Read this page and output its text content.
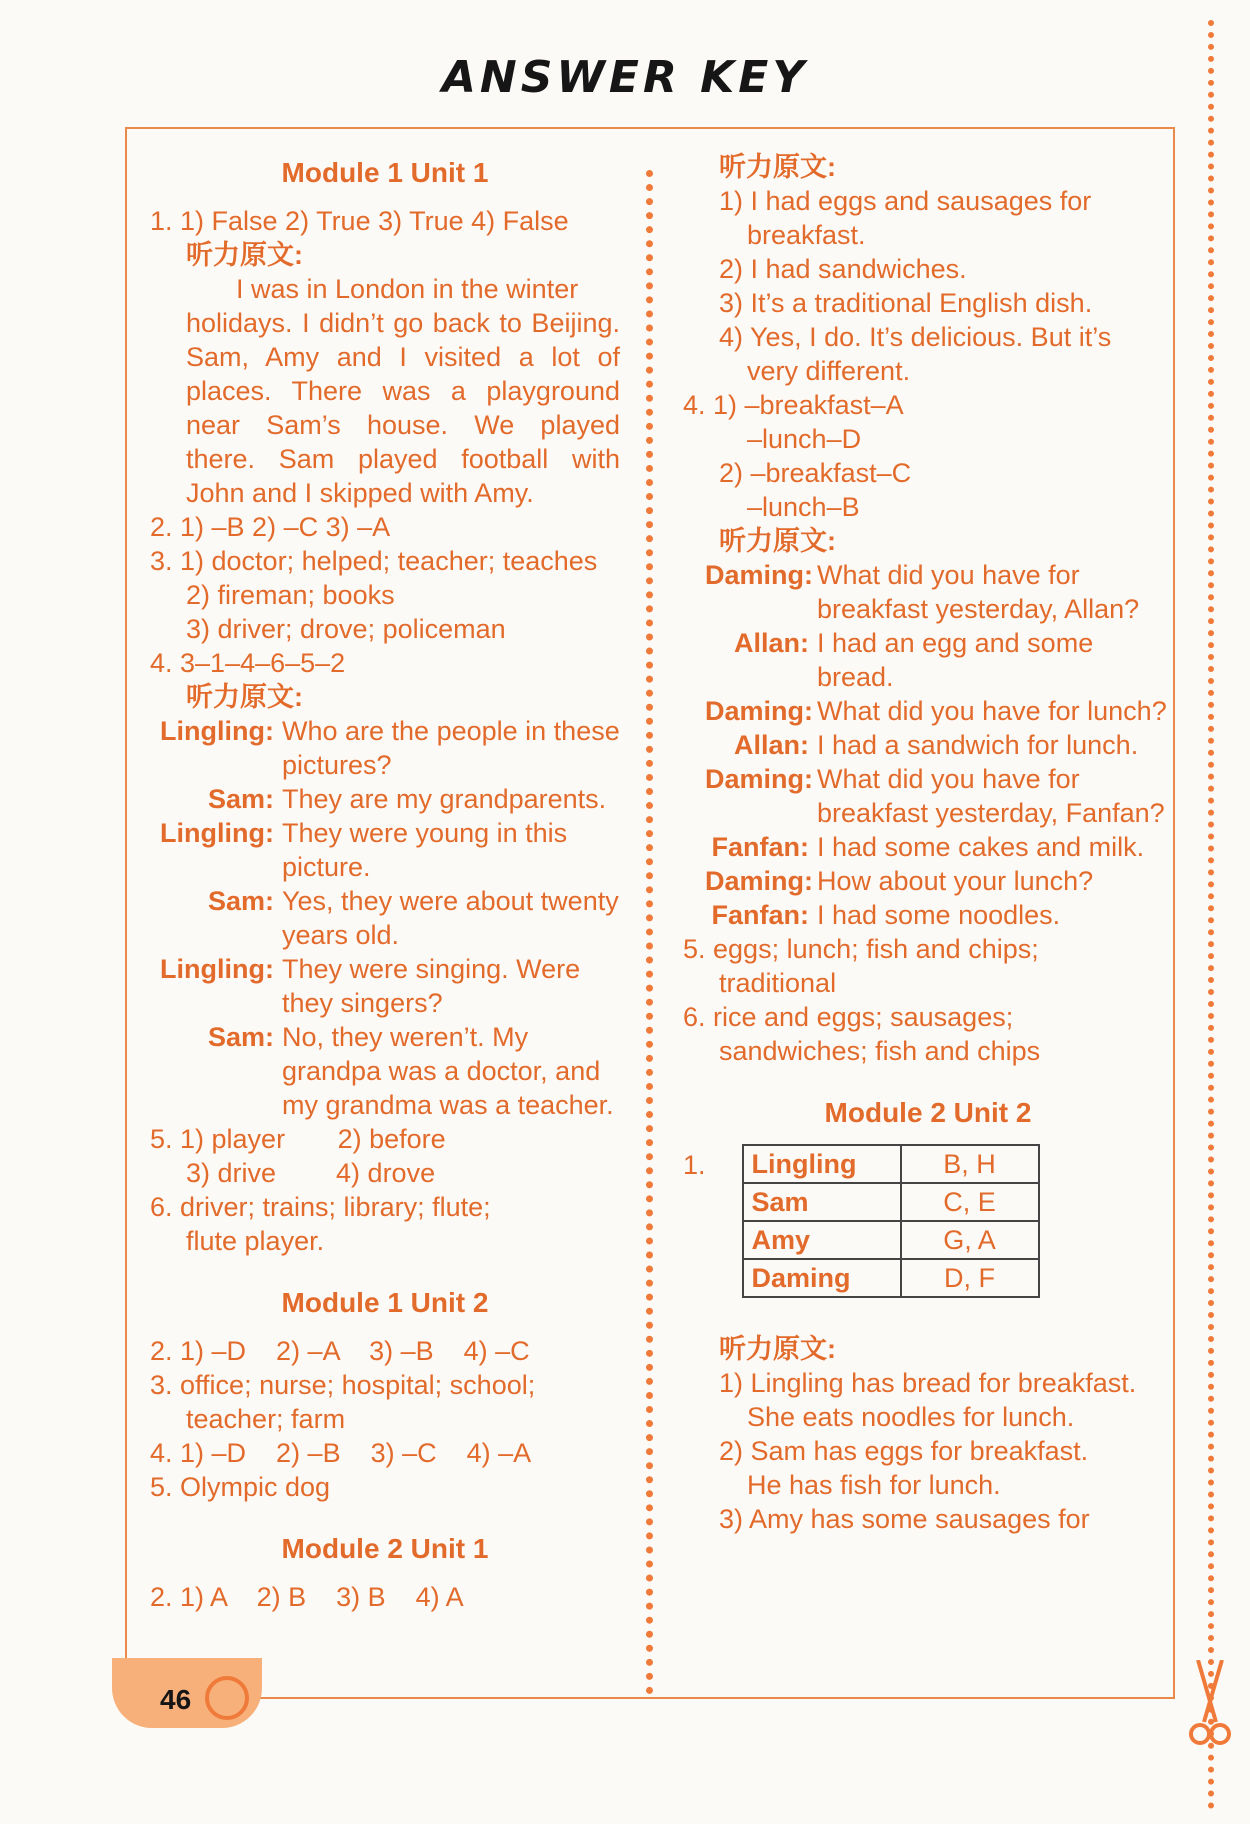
ANSWER KEY
Module 1 Unit 1
1. 1) False 2) True 3) True 4) False
听力原文:
I was in London in the winter
holidays. I didn’t go back to Beijing. Sam, Amy and I visited a lot of places. There was a playground near Sam’s house. We played there. Sam played football with John and I skipped with Amy.
2. 1) –B 2) –C 3) –A
3. 1) doctor; helped; teacher; teaches
2) fireman; books
3) driver; drove; policeman
4. 3–1–4–6–5–2
听力原文:
Lingling: Who are the people in these pictures?
Sam: They are my grandparents.
Lingling: They were young in this picture.
Sam: Yes, they were about twenty years old.
Lingling: They were singing. Were they singers?
Sam: No, they weren’t. My grandpa was a doctor, and my grandma was a teacher.
5. 1) player       2) before
3) drive        4) drove
6. driver; trains; library; flute;
flute player.
Module 1 Unit 2
2. 1) –D    2) –A    3) –B    4) –C
3. office; nurse; hospital; school;
teacher; farm
4. 1) –D    2) –B    3) –C    4) –A
5. Olympic dog
Module 2 Unit 1
2. 1) A    2) B    3) B    4) A
听力原文:
1) I had eggs and sausages for
breakfast.
2) I had sandwiches.
3) It’s a traditional English dish.
4) Yes, I do. It’s delicious. But it’s
very different.
4. 1) –breakfast–A
–lunch–D
2) –breakfast–C
–lunch–B
听力原文:
Daming: What did you have for breakfast yesterday, Allan?
Allan: I had an egg and some bread.
Daming: What did you have for lunch?
Allan: I had a sandwich for lunch.
Daming: What did you have for breakfast yesterday, Fanfan?
Fanfan: I had some cakes and milk.
Daming: How about your lunch?
Fanfan: I had some noodles.
5. eggs; lunch; fish and chips;
traditional
6. rice and eggs; sausages;
sandwiches; fish and chips
Module 2 Unit 2
1. Lingling	B, H
Sam	C, E
Amy	G, A
Daming	D, F
听力原文:
1) Lingling has bread for breakfast.
She eats noodles for lunch.
2) Sam has eggs for breakfast.
He has fish for lunch.
3) Amy has some sausages for
46
